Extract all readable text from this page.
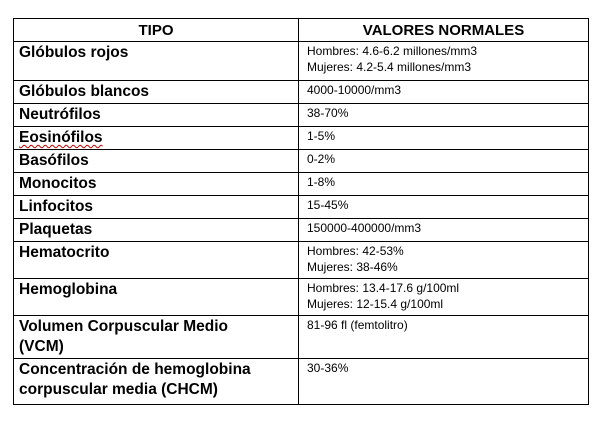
TIPO	VALORES NORMALES

Glóbulos rojos	Hombres: 4.6-6.2 millones/mm3
Mujeres: 4.2-5.4 millones/mm3

Glóbulos blancos	4000-10000/mm3

Neutrófilos	38-70%

Eosinófilos	1-5%

Basófilos	0-2%

Monocitos	1-8%

Linfocitos	15-45%

Plaquetas	150000-400000/mm3

Hematocrito	Hombres: 42-53%
Mujeres: 38-46%

Hemoglobina	Hombres: 13.4-17.6 g/100ml
Mujeres: 12-15.4 g/100ml

Volumen Corpuscular Medio
(VCM)	81-96 fl (femtolitro)

Concentración de hemoglobina
corpuscular media (CHCM)	30-36%
